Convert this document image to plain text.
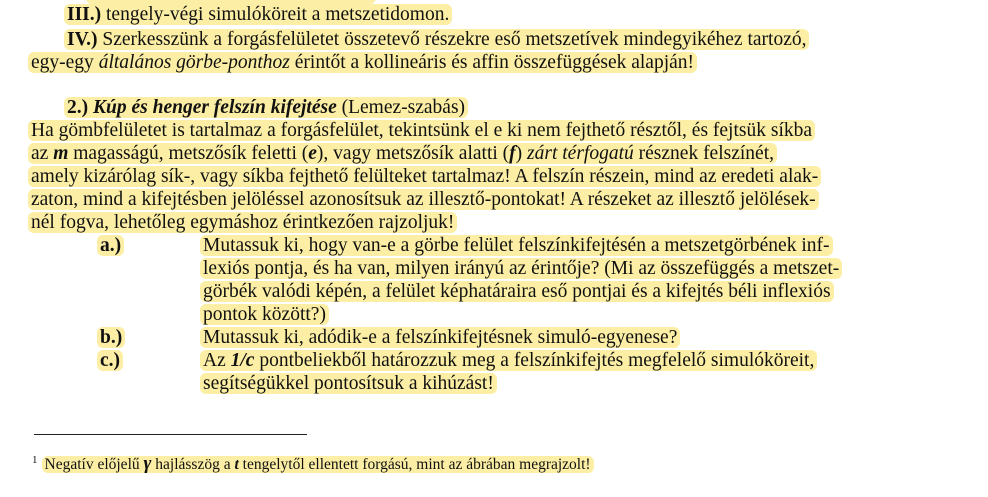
III.) tengely-végi simulóköreit a metszetidomon.
IV.) Szerkesszünk a forgásfelületet összetevő részekre eső metszetívek mindegyikéhez tartozó,
egy-egy általános görbe-ponthoz érintőt a kollineáris és affin összefüggések alapján!
2.) Kúp és henger felszín kifejtése (Lemez-szabás)
Ha gömbfelületet is tartalmaz a forgásfelület, tekintsünk el e ki nem fejthető résztől, és fejtsük síkba
az m magasságú, metszősík feletti (e), vagy metszősík alatti (f) zárt térfogatú résznek felszínét,
amely kizárólag sík-, vagy síkba fejthető felülteket tartalmaz! A felszín részein, mind az eredeti alak-
zaton, mind a kifejtésben jelöléssel azonosítsuk az illesztő-pontokat! A részeket az illesztő jelölések-
nél fogva, lehetőleg egymáshoz érintkezően rajzoljuk!
a.)	Mutassuk ki, hogy van-e a görbe felület felszínkifejtésén a metszetgörbének inf-
lexiós pontja, és ha van, milyen irányú az érintője? (Mi az összefüggés a metszet-
görbék valódi képén, a felület képhatáraira eső pontjai és a kifejtés béli inflexiós
pontok között?)
b.)	Mutassuk ki, adódik-e a felszínkifejtésnek simuló-egyenese?
c.)	Az 1/c pontbeliekből határozzuk meg a felszínkifejtés megfelelő simulóköreit,
segítségükkel pontosítsuk a kihúzást!
$^1$ Negatív előjelű γ hajlásszög a t tengelytől ellentett forgású, mint az ábrában megrajzolt!
